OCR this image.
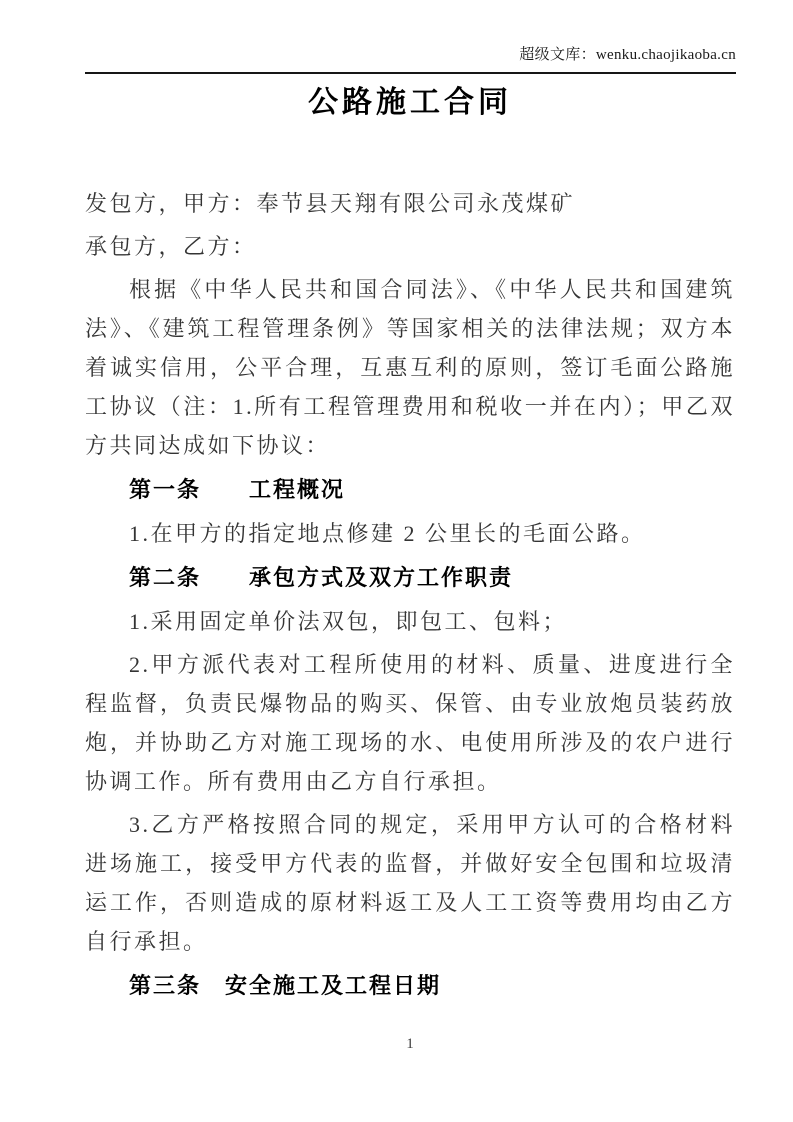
超级文库：wenku.chaojikaoba.cn
公路施工合同

发包方，甲方：奉节县天翔有限公司永茂煤矿

承包方，乙方：

根据《中华人民共和国合同法》、《中华人民共和国建筑法》、《建筑工程管理条例》等国家相关的法律法规；双方本着诚实信用，公平合理，互惠互利的原则，签订毛面公路施工协议（注：1.所有工程管理费用和税收一并在内）；甲乙双方共同达成如下协议：

第一条　　工程概况

1.在甲方的指定地点修建 2 公里长的毛面公路。

第二条　　承包方式及双方工作职责

1.采用固定单价法双包，即包工、包料；

2.甲方派代表对工程所使用的材料、质量、进度进行全程监督，负责民爆物品的购买、保管、由专业放炮员装药放炮，并协助乙方对施工现场的水、电使用所涉及的农户进行协调工作。所有费用由乙方自行承担。

3.乙方严格按照合同的规定，采用甲方认可的合格材料进场施工，接受甲方代表的监督，并做好安全包围和垃圾清运工作，否则造成的原材料返工及人工工资等费用均由乙方自行承担。

第三条　安全施工及工程日期

1
